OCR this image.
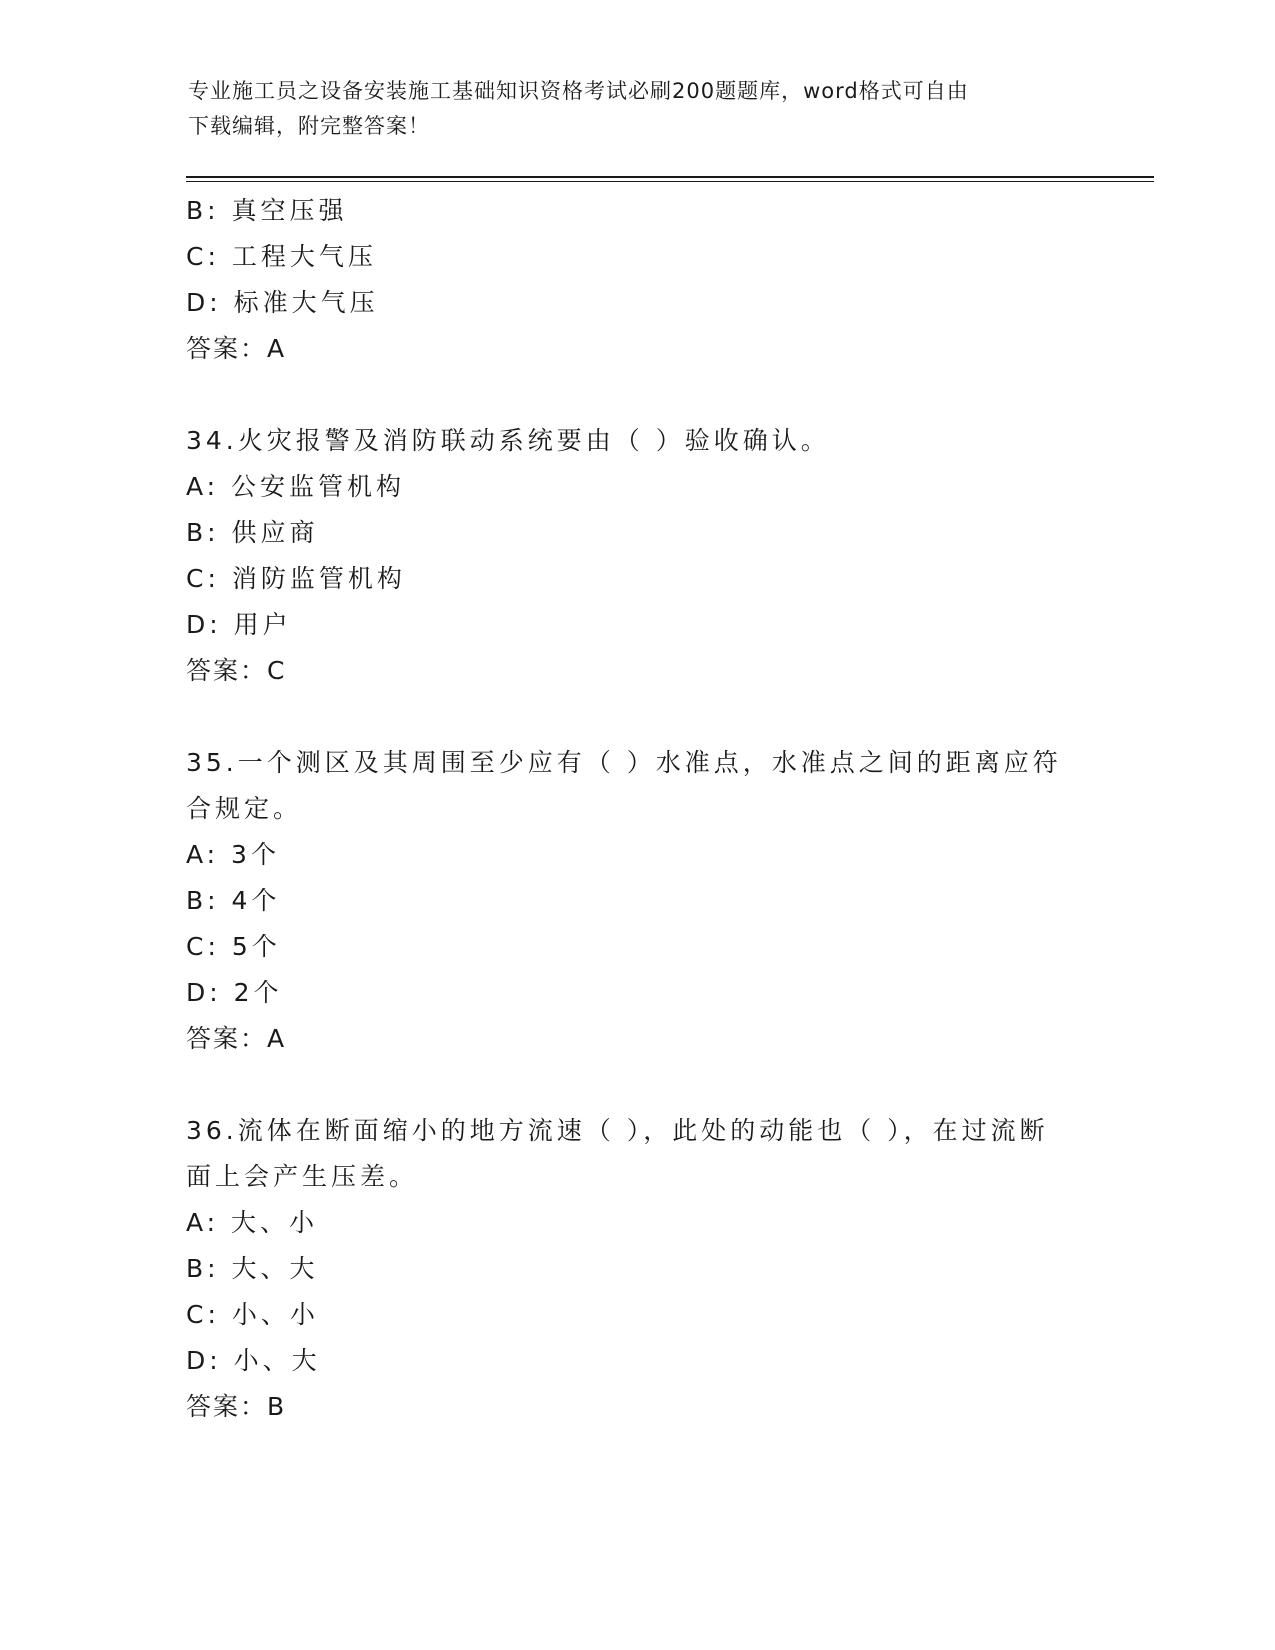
专业施工员之设备安装施工基础知识资格考试必刷200题题库，word格式可自由
下载编辑，附完整答案！
B: 真空压强
C: 工程大气压
D: 标准大气压
答案：A
34.火灾报警及消防联动系统要由（ ）验收确认。
A: 公安监管机构
B: 供应商
C: 消防监管机构
D: 用户
答案：C
35.一个测区及其周围至少应有（ ）水准点，水准点之间的距离应符
合规定。
A: 3个
B: 4个
C: 5个
D: 2个
答案：A
36.流体在断面缩小的地方流速（ ），此处的动能也（ ），在过流断
面上会产生压差。
A: 大、小
B: 大、大
C: 小、小
D: 小、大
答案：B
